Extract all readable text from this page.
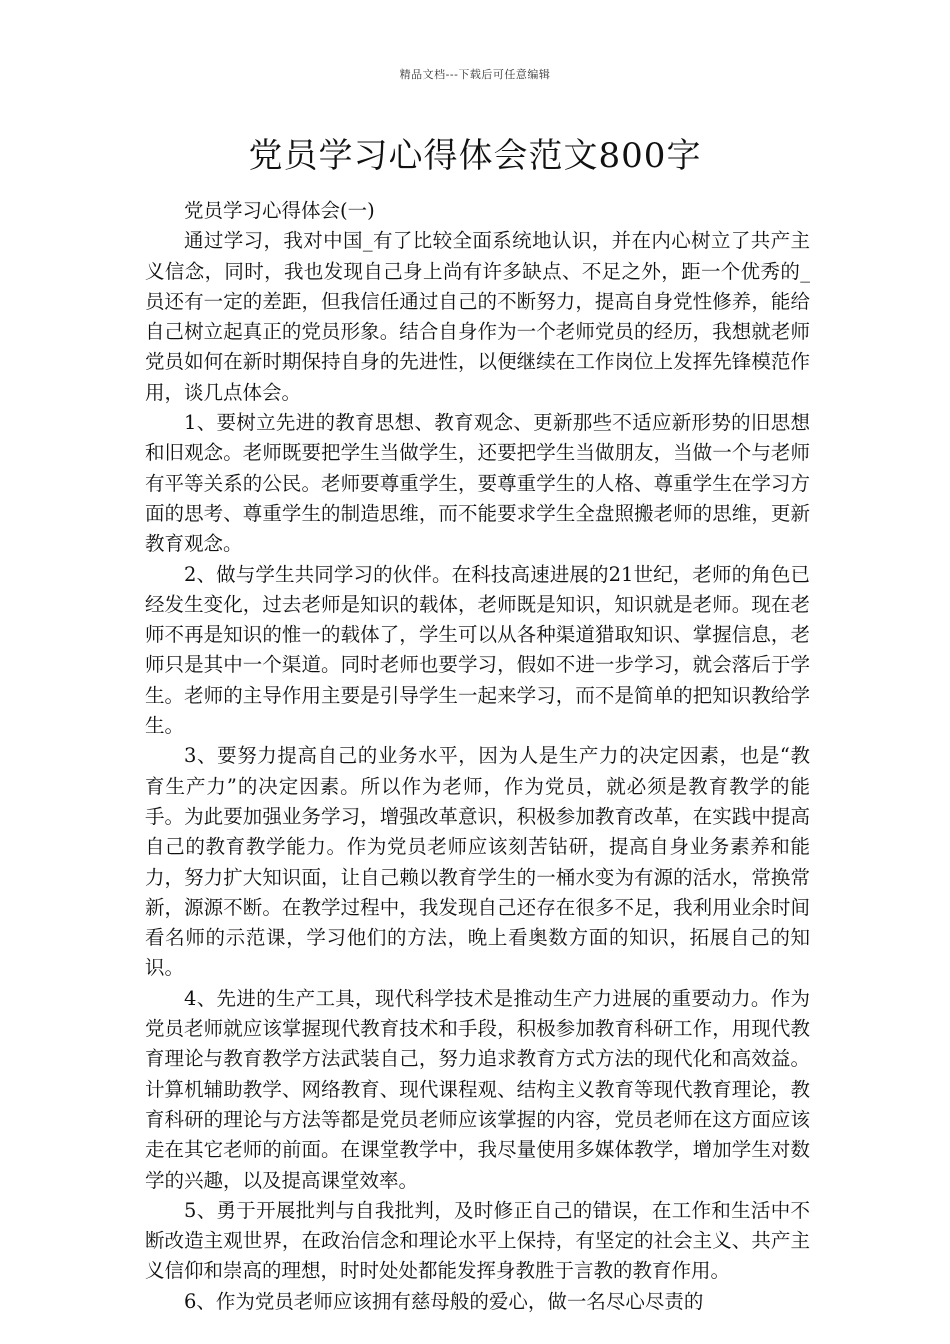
精品文档---下载后可任意编辑
党员学习心得体会范文800字

党员学习心得体会(一)

通过学习，我对中国_有了比较全面系统地认识，并在内心树立了共产主义信念，同时，我也发现自己身上尚有许多缺点、不足之外，距一个优秀的_员还有一定的差距，但我信任通过自己的不断努力，提高自身党性修养，能给自己树立起真正的党员形象。结合自身作为一个老师党员的经历，我想就老师党员如何在新时期保持自身的先进性，以便继续在工作岗位上发挥先锋模范作用，谈几点体会。

1、要树立先进的教育思想、教育观念、更新那些不适应新形势的旧思想和旧观念。老师既要把学生当做学生，还要把学生当做朋友，当做一个与老师有平等关系的公民。老师要尊重学生，要尊重学生的人格、尊重学生在学习方面的思考、尊重学生的制造思维，而不能要求学生全盘照搬老师的思维，更新教育观念。

2、做与学生共同学习的伙伴。在科技高速进展的21世纪，老师的角色已经发生变化，过去老师是知识的载体，老师既是知识，知识就是老师。现在老师不再是知识的惟一的载体了，学生可以从各种渠道猎取知识、掌握信息，老师只是其中一个渠道。同时老师也要学习，假如不进一步学习，就会落后于学生。老师的主导作用主要是引导学生一起来学习，而不是简单的把知识教给学生。

3、要努力提高自己的业务水平，因为人是生产力的决定因素，也是“教育生产力”的决定因素。所以作为老师，作为党员，就必须是教育教学的能手。为此要加强业务学习，增强改革意识，积极参加教育改革，在实践中提高自己的教育教学能力。作为党员老师应该刻苦钻研，提高自身业务素养和能力，努力扩大知识面，让自己赖以教育学生的一桶水变为有源的活水，常换常新，源源不断。在教学过程中，我发现自己还存在很多不足，我利用业余时间看名师的示范课，学习他们的方法，晚上看奥数方面的知识，拓展自己的知识。

4、先进的生产工具，现代科学技术是推动生产力进展的重要动力。作为党员老师就应该掌握现代教育技术和手段，积极参加教育科研工作，用现代教育理论与教育教学方法武装自己，努力追求教育方式方法的现代化和高效益。计算机辅助教学、网络教育、现代课程观、结构主义教育等现代教育理论，教育科研的理论与方法等都是党员老师应该掌握的内容，党员老师在这方面应该走在其它老师的前面。在课堂教学中，我尽量使用多媒体教学，增加学生对数学的兴趣，以及提高课堂效率。

5、勇于开展批判与自我批判，及时修正自己的错误，在工作和生活中不断改造主观世界，在政治信念和理论水平上保持，有坚定的社会主义、共产主义信仰和崇高的理想，时时处处都能发挥身教胜于言教的教育作用。

6、作为党员老师应该拥有慈母般的爱心，做一名尽心尽责的
